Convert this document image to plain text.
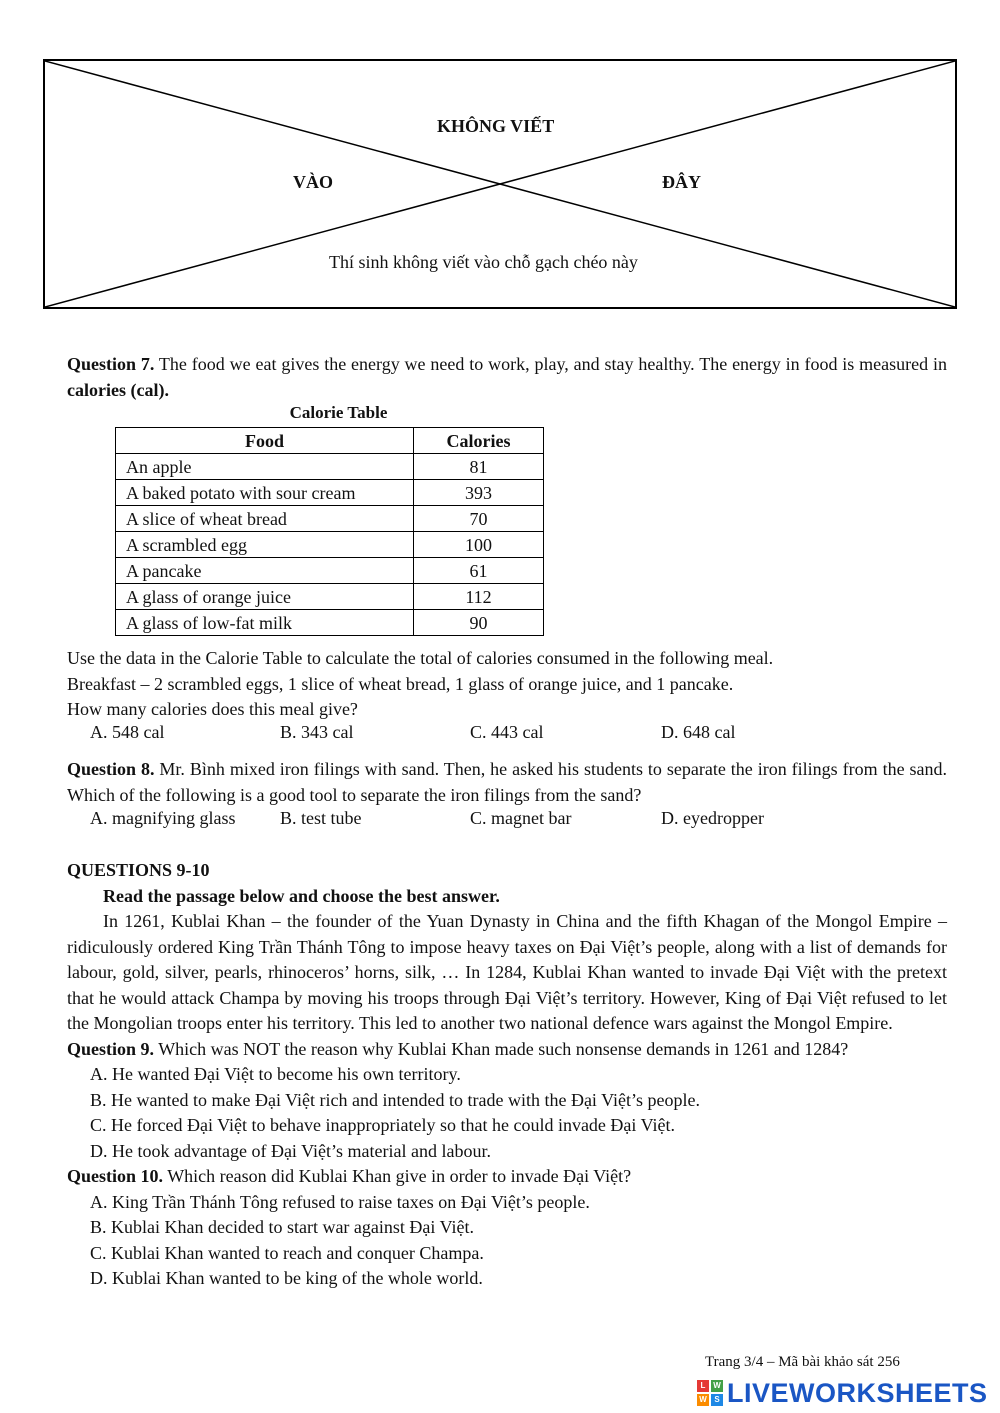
KHÔNG VIẾT
VÀO	ĐÂY
Thí sinh không viết vào chỗ gạch chéo này
Question 7. The food we eat gives the energy we need to work, play, and stay healthy. The energy in food is measured in calories (cal).
Calorie Table
Food	Calories
An apple	81
A baked potato with sour cream	393
A slice of wheat bread	70
A scrambled egg	100
A pancake	61
A glass of orange juice	112
A glass of low-fat milk	90
Use the data in the Calorie Table to calculate the total of calories consumed in the following meal.
Breakfast – 2 scrambled eggs, 1 slice of wheat bread, 1 glass of orange juice, and 1 pancake.
How many calories does this meal give?
A. 548 cal	B. 343 cal	C. 443 cal	D. 648 cal
Question 8. Mr. Bình mixed iron filings with sand. Then, he asked his students to separate the iron filings from the sand. Which of the following is a good tool to separate the iron filings from the sand?
A. magnifying glass B. test tube	C. magnet bar	D. eyedropper
QUESTIONS 9-10
Read the passage below and choose the best answer.
In 1261, Kublai Khan – the founder of the Yuan Dynasty in China and the fifth Khagan of the Mongol Empire – ridiculously ordered King Trần Thánh Tông to impose heavy taxes on Đại Việt’s people, along with a list of demands for labour, gold, silver, pearls, rhinoceros’ horns, silk, … In 1284, Kublai Khan wanted to invade Đại Việt with the pretext that he would attack Champa by moving his troops through Đại Việt’s territory. However, King of Đại Việt refused to let the Mongolian troops enter his territory. This led to another two national defence wars against the Mongol Empire.
Question 9. Which was NOT the reason why Kublai Khan made such nonsense demands in 1261 and 1284?
A. He wanted Đại Việt to become his own territory.
B. He wanted to make Đại Việt rich and intended to trade with the Đại Việt’s people.
C. He forced Đại Việt to behave inappropriately so that he could invade Đại Việt.
D. He took advantage of Đại Việt’s material and labour.
Question 10. Which reason did Kublai Khan give in order to invade Đại Việt?
A. King Trần Thánh Tông refused to raise taxes on Đại Việt’s people.
B. Kublai Khan decided to start war against Đại Việt.
C. Kublai Khan wanted to reach and conquer Champa.
D. Kublai Khan wanted to be king of the whole world.
Trang 3/4 – Mã bài khảo sát 256
L W
W S LIVEWORKSHEETS
